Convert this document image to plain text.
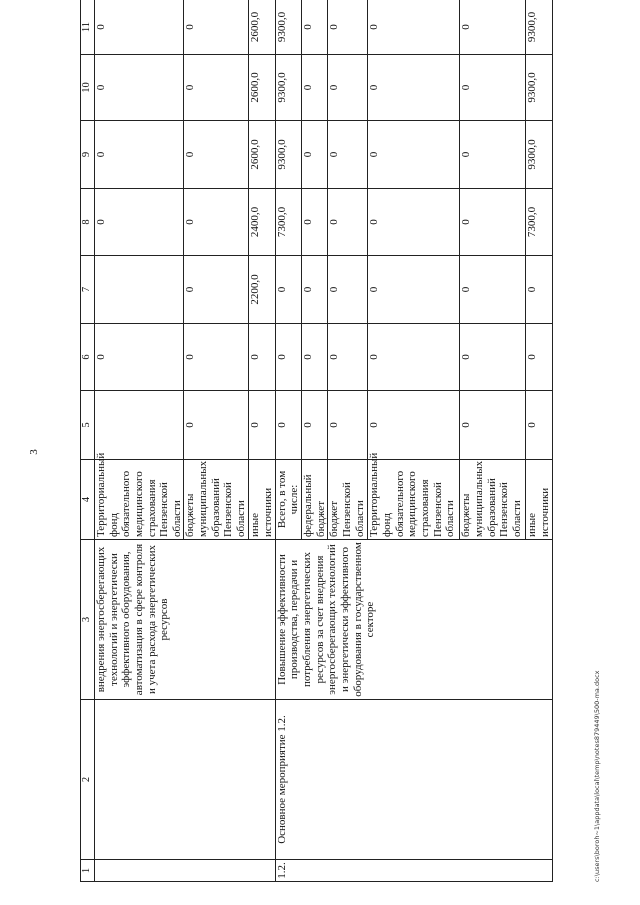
3
1	2	3	4	5	6	7	8	9	10	11
		внедрения энергосберегающих технологий и энергетически эффективного оборудования, автоматизация в сфере контроля и учета расхода энергетических ресурсов	Территориальный фонд обязательного медицинского страхования Пензенской области		0		0	0	0	0
			бюджеты муниципальных образований Пензенской области	0	0	0	0	0	0	0
			иные источники	0	0	2200,0	2400,0	2600,0	2600,0	2600,0
1.2.	Основное мероприятие 1.2.	Повышение эффективности производства, передачи и потребления энергетических ресурсов за счет внедрения энергосберегающих технологий и энергетически эффективного оборудования в государственном секторе	Всего, в том числе:	0	0	0	7300,0	9300,0	9300,0	9300,0
			федеральный бюджет	0	0	0	0	0	0	0
			бюджет Пензенской области	0	0	0	0	0	0	0
			Территориальный фонд обязательного медицинского страхования Пензенской области	0	0	0	0	0	0	0
			бюджеты муниципальных образований Пензенской области	0	0	0	0	0	0	0
			иные источники	0	0	0	7300,0	9300,0	9300,0	9300,0
c:\users\boroh~1\appdata\local\temp\notes879449\500-ma.docx
